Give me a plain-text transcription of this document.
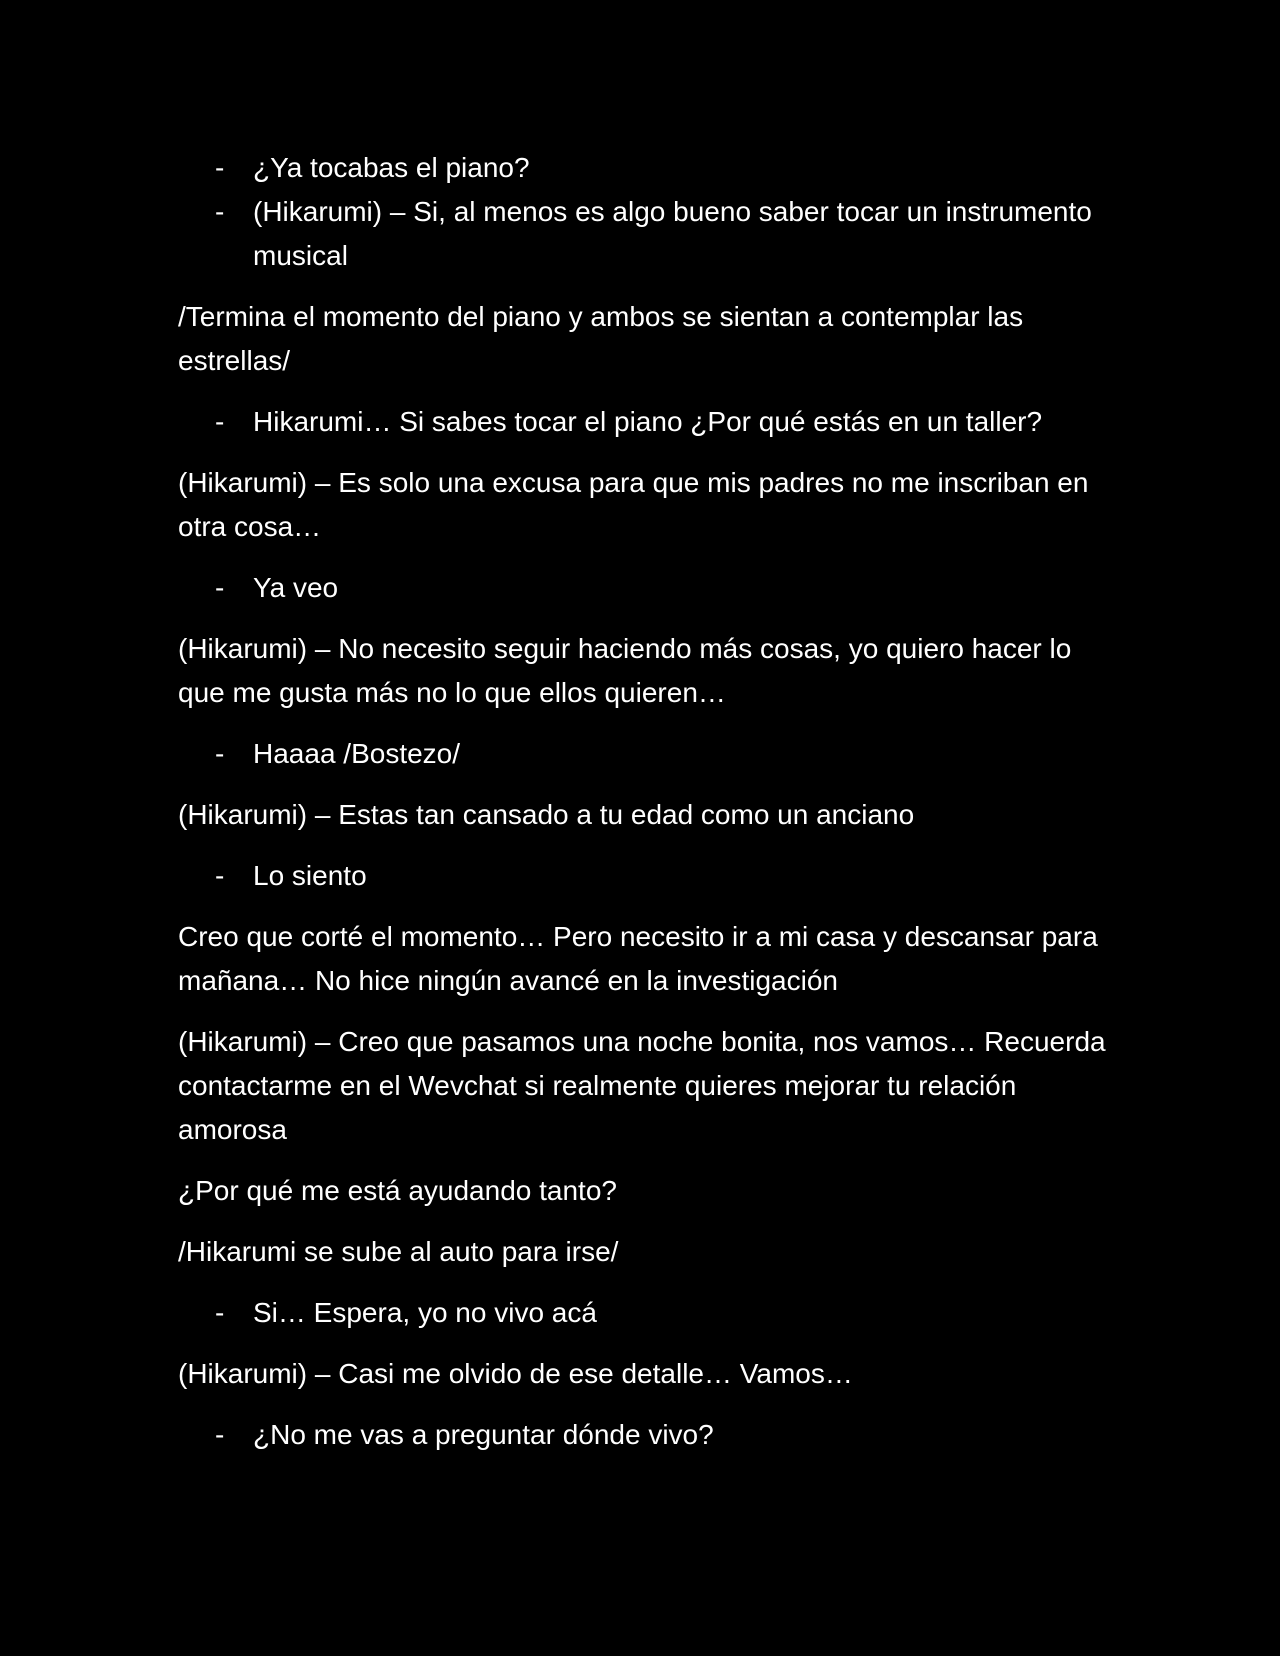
- ¿Ya tocabas el piano?
- (Hikarumi) – Si, al menos es algo bueno saber tocar un instrumento musical

/Termina el momento del piano y ambos se sientan a contemplar las estrellas/

- Hikarumi… Si sabes tocar el piano ¿Por qué estás en un taller?

(Hikarumi) – Es solo una excusa para que mis padres no me inscriban en otra cosa…

- Ya veo

(Hikarumi) – No necesito seguir haciendo más cosas, yo quiero hacer lo que me gusta más no lo que ellos quieren…

- Haaaa /Bostezo/

(Hikarumi) – Estas tan cansado a tu edad como un anciano

- Lo siento

Creo que corté el momento… Pero necesito ir a mi casa y descansar para mañana… No hice ningún avancé en la investigación

(Hikarumi) – Creo que pasamos una noche bonita, nos vamos… Recuerda contactarme en el Wevchat si realmente quieres mejorar tu relación amorosa

¿Por qué me está ayudando tanto?

/Hikarumi se sube al auto para irse/

- Si… Espera, yo no vivo acá

(Hikarumi) – Casi me olvido de ese detalle… Vamos…

- ¿No me vas a preguntar dónde vivo?
